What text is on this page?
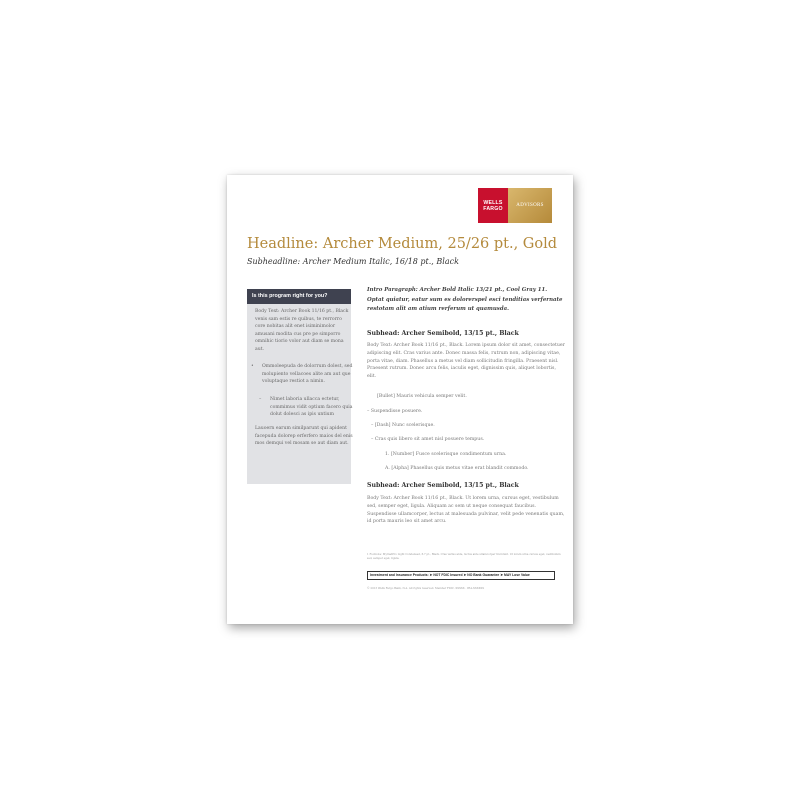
WELLS
FARGO	ADVISORS
Headline: Archer Medium, 25/26 pt., Gold
Subheadline: Archer Medium Italic, 16/18 pt., Black
Is this program right for you?
Body Text: Archer Book 11/16 pt., Black venis sam estis re quibus, te rerrorro core nobitas alit enet isiminimolor amusani modita cus pre pe simporro omnihic tiorio volor aut diam se mona aut.
•	Ommoleepuda de dolorrum dolest, sed molupiento vellacoes alite am aut que voluptaque restiot a nimin.
–	Nimet laboria ullacca ectetur, commimus vidit optium facero quia dolut dolesci as ipis untium
Lauoern earum similparunt qui apident facepuda dolorep erferfero maios del enis mos demqui vel mosam se aut diam aut.
Intro Paragraph: Archer Bold Italic 13/21 pt., Cool Gray 11. Optat quiatur, eatur sum es dolorerspel esci tenditias verfernate restotam alit am atium rerferum ut quamusda.
Subhead: Archer Semibold, 13/15 pt., Black
Body Text: Archer Book 11/16 pt., Black. Lorem ipsum dolor sit amet, consectetuer adipiscing elit. Cras varius ante. Donec massa felis, rutrum non, adipiscing vitae, porta vitae, diam. Phasellus a metus vel diam sollicitudin fringilla. Praesent nisl. Praesent rutrum. Donec arcu felis, iaculis eget, dignissim quis, aliquet lobortis, elit.
[Bullet] Mauris vehicula semper velit.
– Suspendisse posuere.
– [Dash] Nunc scelerisque.
– Cras quis libero sit amet nisl posuere tempus.
1. [Number] Fusce scelerisque condimentum urna.
A. [Alpha] Phasellus quis metus vitae erat blandit commodo.
Subhead: Archer Semibold, 13/15 pt., Black
Body Text: Archer Book 11/16 pt., Black. Ut lorem urna, cursus eget, vestibulum sed, semper eget, ligula. Aliquam ac sem ut neque consequat faucibus. Suspendisse ullamcorper, lectus at malesuada pulvinar, velit pede venenatis quam, id porta mauris leo sit amet arcu.
1 Footnote: MyriadPro Light Condensed, 6.7 pt., Black. Cras varius ante, luctus ante ullamcorper tincidunt. Ut lorem urna cursus eget, vestibulum sed, semper eget, ligula.
Investment and Insurance Products: ➤ NOT FDIC Insured ➤ NO Bank Guarantee ➤ MAY Lose Value
© 2013 Wells Fargo Bank, N.A. All rights reserved. Member FDIC. XXXXX · IHA-XXXXXX
